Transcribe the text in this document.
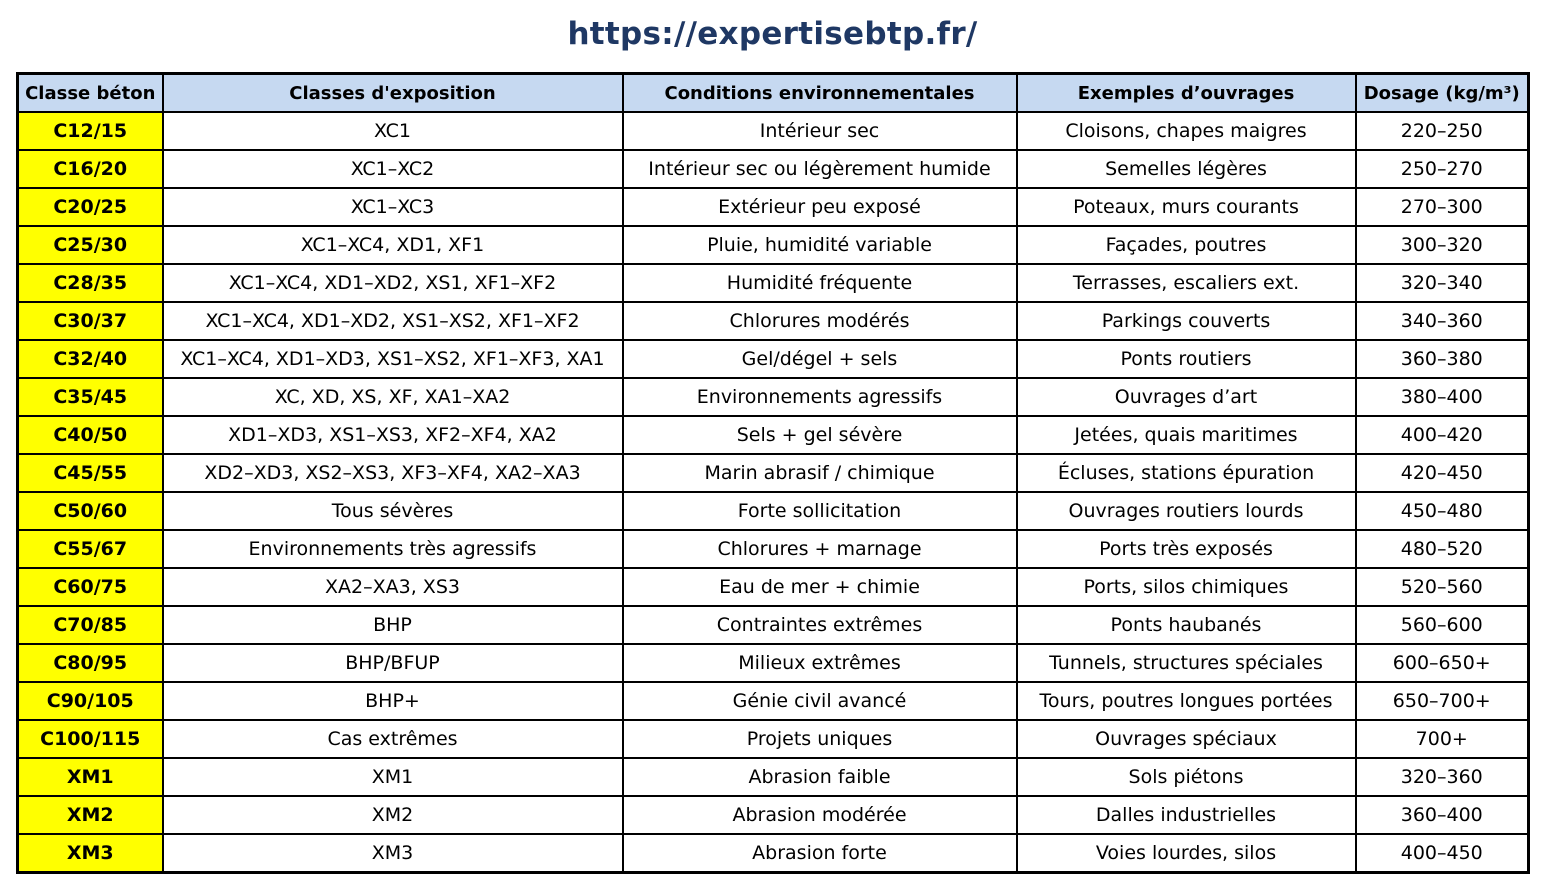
https://expertisebtp.fr/
Classe béton	Classes d'exposition	Conditions environnementales	Exemples d’ouvrages	Dosage (kg/m³)
C12/15	XC1	Intérieur sec	Cloisons, chapes maigres	220–250
C16/20	XC1–XC2	Intérieur sec ou légèrement humide	Semelles légères	250–270
C20/25	XC1–XC3	Extérieur peu exposé	Poteaux, murs courants	270–300
C25/30	XC1–XC4, XD1, XF1	Pluie, humidité variable	Façades, poutres	300–320
C28/35	XC1–XC4, XD1–XD2, XS1, XF1–XF2	Humidité fréquente	Terrasses, escaliers ext.	320–340
C30/37	XC1–XC4, XD1–XD2, XS1–XS2, XF1–XF2	Chlorures modérés	Parkings couverts	340–360
C32/40	XC1–XC4, XD1–XD3, XS1–XS2, XF1–XF3, XA1	Gel/dégel + sels	Ponts routiers	360–380
C35/45	XC, XD, XS, XF, XA1–XA2	Environnements agressifs	Ouvrages d’art	380–400
C40/50	XD1–XD3, XS1–XS3, XF2–XF4, XA2	Sels + gel sévère	Jetées, quais maritimes	400–420
C45/55	XD2–XD3, XS2–XS3, XF3–XF4, XA2–XA3	Marin abrasif / chimique	Écluses, stations épuration	420–450
C50/60	Tous sévères	Forte sollicitation	Ouvrages routiers lourds	450–480
C55/67	Environnements très agressifs	Chlorures + marnage	Ports très exposés	480–520
C60/75	XA2–XA3, XS3	Eau de mer + chimie	Ports, silos chimiques	520–560
C70/85	BHP	Contraintes extrêmes	Ponts haubanés	560–600
C80/95	BHP/BFUP	Milieux extrêmes	Tunnels, structures spéciales	600–650+
C90/105	BHP+	Génie civil avancé	Tours, poutres longues portées	650–700+
C100/115	Cas extrêmes	Projets uniques	Ouvrages spéciaux	700+
XM1	XM1	Abrasion faible	Sols piétons	320–360
XM2	XM2	Abrasion modérée	Dalles industrielles	360–400
XM3	XM3	Abrasion forte	Voies lourdes, silos	400–450
